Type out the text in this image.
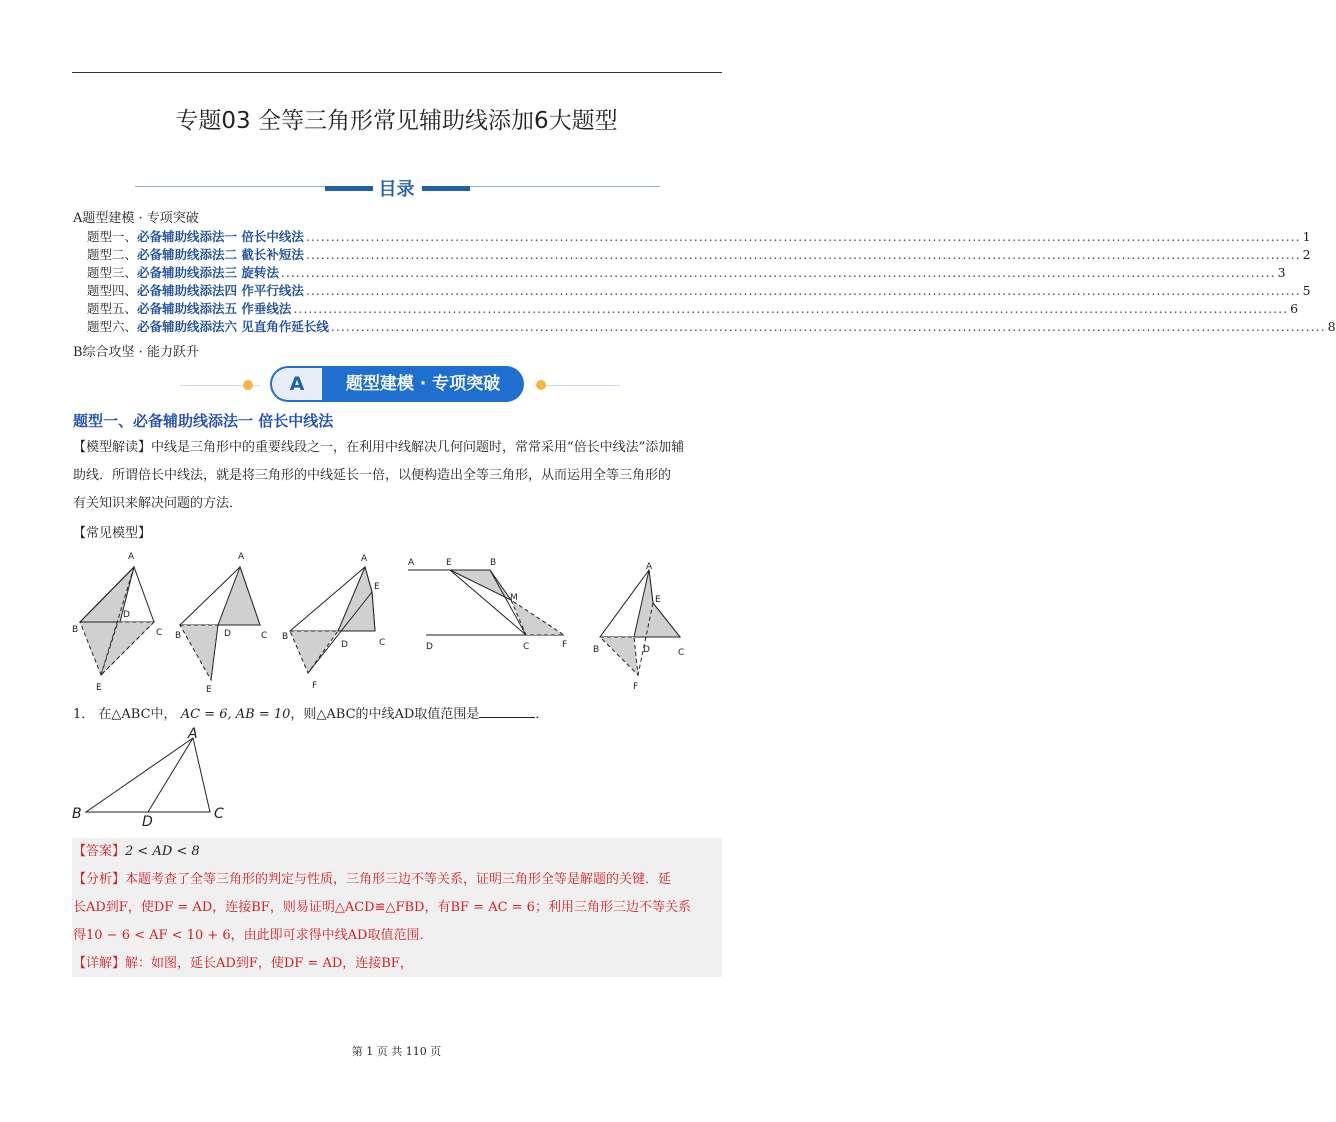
专题03 全等三角形常见辅助线添加6大题型
目录
A题型建模 · 专项突破
题型一、 必备辅助线添法一 倍长中线法 ........................................................................................................................................................................................................ 1
题型二、 必备辅助线添法二 截长补短法 ........................................................................................................................................................................................................ 2
题型三、 必备辅助线添法三 旋转法 ........................................................................................................................................................................................................ 3
题型四、 必备辅助线添法四 作平行线法 ........................................................................................................................................................................................................ 5
题型五、 必备辅助线添法五 作垂线法 ........................................................................................................................................................................................................ 6
题型六、 必备辅助线添法六 见直角作延长线 ........................................................................................................................................................................................................ 8
B综合攻坚 · 能力跃升
A	题型建模 · 专项突破
题型一、必备辅助线添法一 倍长中线法
【模型解读】中线是三角形中的重要线段之一，在利用中线解决几何问题时，常常采用“倍长中线法”添加辅
助线．所谓倍长中线法，就是将三角形的中线延长一倍，以便构造出全等三角形，从而运用全等三角形的
有关知识来解决问题的方法．
【常见模型】
A
D
B	C
E
A
B	D	C
E
A
E
B
D	C
F
A	E	B
M
D	C	F
A
E
B	D	C
F
1． 在△ABC中， AC = 6, AB = 10，则△ABC的中线AD取值范围是	．
A
B	D	C
【答案】2 < AD < 8
【分析】本题考查了全等三角形的判定与性质，三角形三边不等关系，证明三角形全等是解题的关键．延
长AD到F，使DF = AD，连接BF，则易证明△ACD≌△FBD，有BF = AC = 6；利用三角形三边不等关系
得10 − 6 < AF < 10 + 6，由此即可求得中线AD取值范围．
【详解】解：如图，延长AD到F，使DF = AD，连接BF，
第 1 页 共 110 页
